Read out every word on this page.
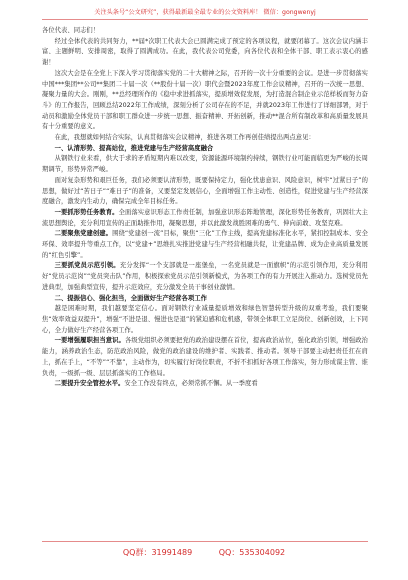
关注头条号“公文研究”，获得最新最全最专业的公文资料库！ 微信：gongwenyj

各位代表、同志们！

经过全体代表的共同努力，**届*次职工代表大会已圆满完成了预定的各项议程，就要闭幕了。这次会议内涵丰富、主题鲜明、安排周密，取得了圆满成功。在此，我代表公司党委，向各位代表和全体干部、职工表示衷心的感谢！

这次大会是在全党上下深入学习贯彻落实党的二十大精神之际，召开的一次十分重要的会议。是进一步贯彻落实中国***集团**公司**集团二十届一次（**股份十届一次）职代会暨2023年度工作会议精神，召开的一次统一思想、凝聚力量的大会。刚刚，**总经理所作的《稳中求进抓落实，提质增效促发展，为打造混合制企业示范样板而努力奋斗》的工作报告，回顾总结2022年工作成绩，深刻分析了公司存在的不足，并就2023年工作进行了详细部署，对于动员和激励全体党员干部和职工群众进一步统一思想、振奋精神、开拓创新，推动**混合所有制改革和高质量发展具有十分重要的意义。

在此，我想就如何结合实际，认真贯彻落实会议精神，推进各项工作再创佳绩提出两点意见：

一、认清形势、提高站位，推进党建与生产经营高度融合

从钢铁行业来看，供大于求的矛盾短期内难以改变，资源能源环境制约持续，钢铁行业可能面临更为严峻的长周期调节，形势异常严峻。

面对复杂形势和艰巨任务，我们必须要认清形势，既要保持定力，强化忧患意识、风险意识，树牢“过紧日子”的思想，做好过“苦日子”“难日子”的准备，又要坚定发展信心，全面增强工作主动性、创造性，促进党建与生产经营深度融合，激发内生动力，确保完成全年目标任务。

一要抓形势任务教育。全面落实意识形态工作责任制，加强意识形态阵地管理，深化形势任务教育，巩固壮大主流思想舆论，充分利用宣传的正面助推作用，凝聚思想，并以此激发战胜困难的勇气、伸向前敢、攻坚克难。

二要聚焦党建创建。围绕“党建创一流”目标，聚焦“三化”工作主线，提高党建标准化水平，紧扣控制成本、安全环保、效率提升等重点工作，以“党建+”思维扎实推进党建与生产经营相融共促，让党建品牌、成为企业高质量发展的“红色引擎”。

三要抓党员示范引领。充分发挥“一个支部就是一座堡垒，一名党员就是一面旗帜”的示范引领作用，充分利用好“党员示范岗”“党员突击队”作用，积极探索党员示范引领新模式，为各项工作的有力开展注入推动力。选树党员先进典型，加强典型宣传，提升示范效应，充分激发全员干事创业激情。

二、提振信心、强化担当，全面做好生产经营各项工作

越是困难时期，我们越要坚定信心。面对钢铁行业减量提质增效和绿色智慧转型升级的双重考验，我们要聚焦“效率效益双提升”，增强“不进是退、慢进也是退”的紧迫感和危机感，带领全体职工立足岗位、创新创效，上下同心，全力做好生产经营各项工作。

一要增强履职担当意识。各级党组织必须要把党的政治建设摆在首位，提高政治站位，强化政治引领，增强政治能力，涵养政治生态，防范政治风险，做党的政治建设的维护者、实践者、推动者。领导干部要主动把责任扛在肩上，抓在手上，“不等”“不靠”，主动作为，切实履行好岗位职责，不折不扣抓好各项工作落实，努力形成谋主管、谁负责，一级抓一级、层层抓落实的工作格局。

二要提升安全管控水平。安全工作没有终点，必须常抓不懈。从一季度看

QQ群：31991489	QQ：535304092
